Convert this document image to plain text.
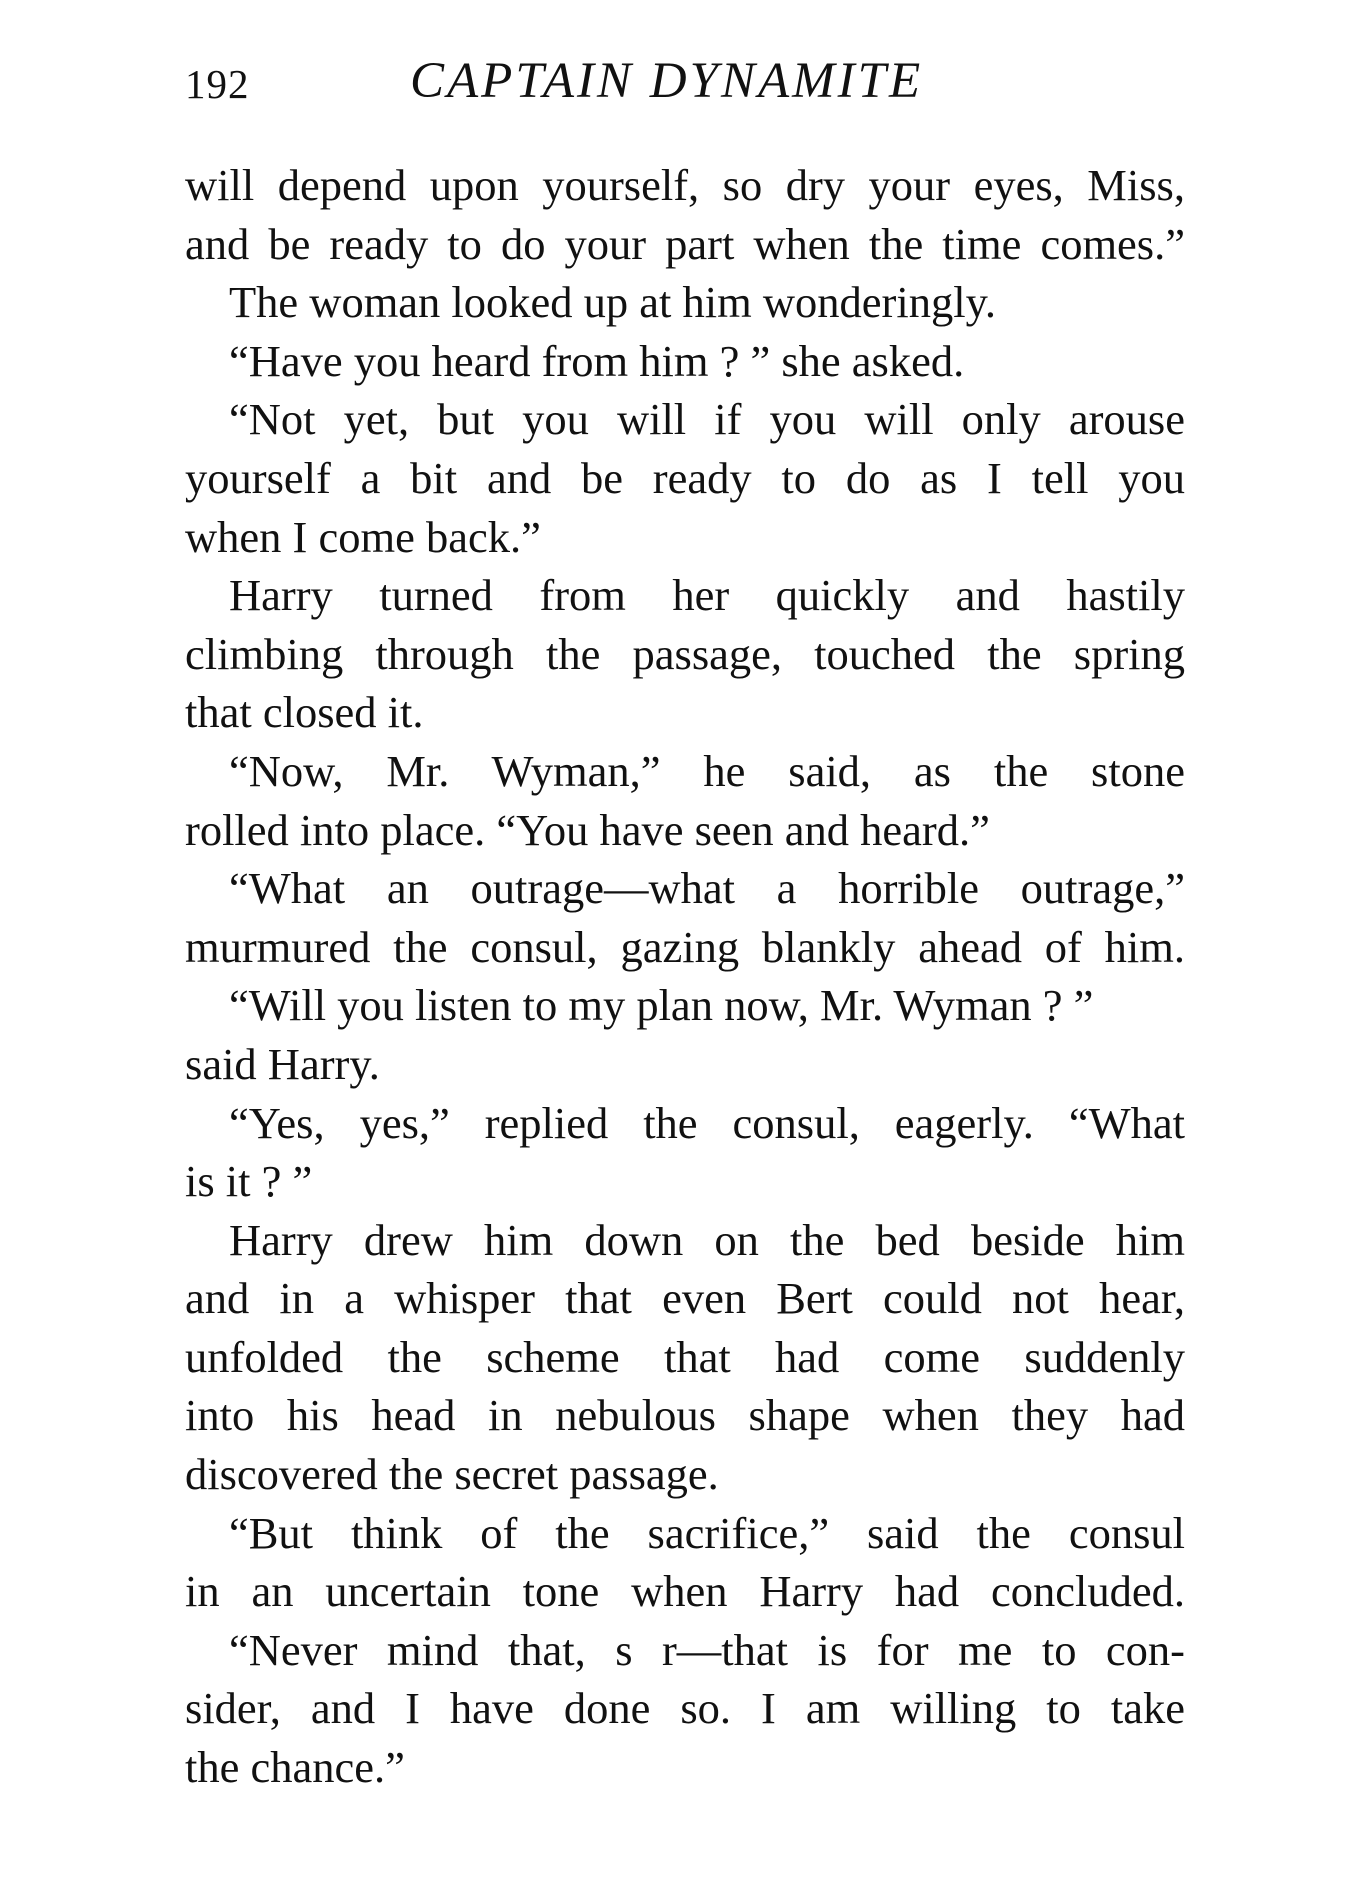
192	CAPTAIN DYNAMITE
will depend upon yourself, so dry your eyes, Miss,
and be ready to do your part when the time comes.”
The woman looked up at him wonderingly.
“Have you heard from him ? ” she asked.
“Not yet, but you will if you will only arouse
yourself a bit and be ready to do as I tell you
when I come back.”
Harry turned from her quickly and hastily
climbing through the passage, touched the spring
that closed it.
“Now, Mr. Wyman,” he said, as the stone
rolled into place. “You have seen and heard.”
“What an outrage—what a horrible outrage,”
murmured the consul, gazing blankly ahead of him.
“Will you listen to my plan now, Mr. Wyman ? ”
said Harry.
“Yes, yes,” replied the consul, eagerly. “What
is it ? ”
Harry drew him down on the bed beside him
and in a whisper that even Bert could not hear,
unfolded the scheme that had come suddenly
into his head in nebulous shape when they had
discovered the secret passage.
“But think of the sacrifice,” said the consul
in an uncertain tone when Harry had concluded.
“Never mind that, s r—that is for me to con-
sider, and I have done so. I am willing to take
the chance.”
